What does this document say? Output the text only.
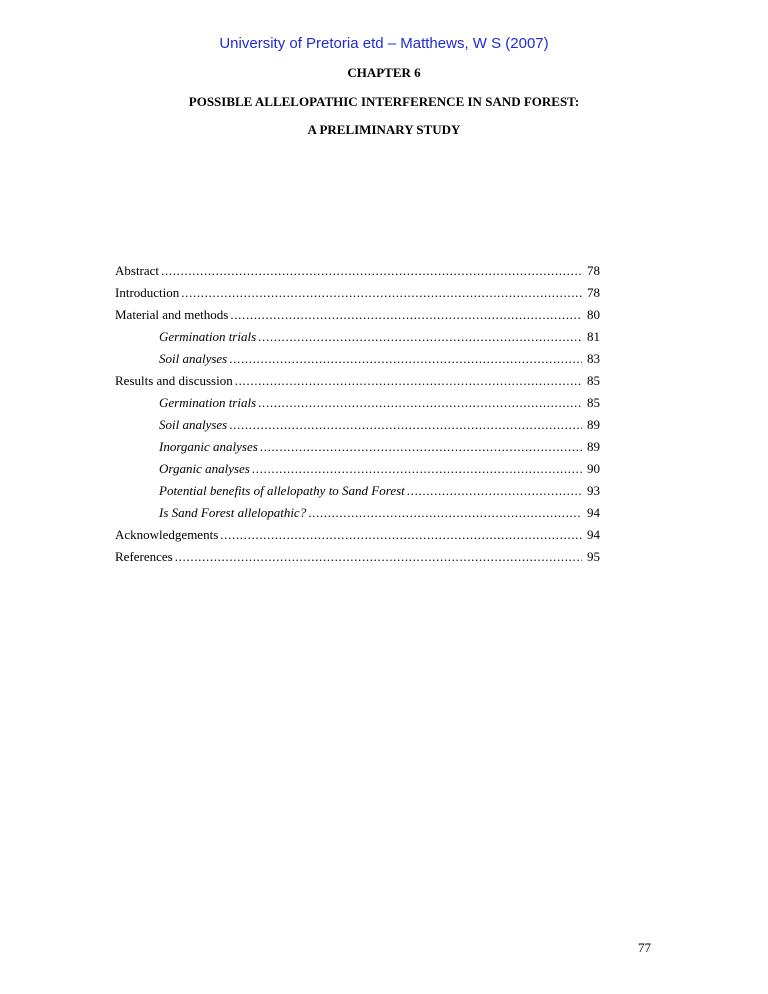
University of Pretoria etd – Matthews, W S (2007)
CHAPTER 6
POSSIBLE ALLELOPATHIC INTERFERENCE IN SAND FOREST:
A PRELIMINARY STUDY
Abstract . . .	78
Introduction . . .	78
Material and methods . . .	80
Germination trials . . .	81
Soil analyses . . .	83
Results and discussion . . .	85
Germination trials . . .	85
Soil analyses . . .	89
Inorganic analyses . . .	89
Organic analyses . . .	90
Potential benefits of allelopathy to Sand Forest . . .	93
Is Sand Forest allelopathic? . . .	94
Acknowledgements . . .	94
References . . .	95
77
